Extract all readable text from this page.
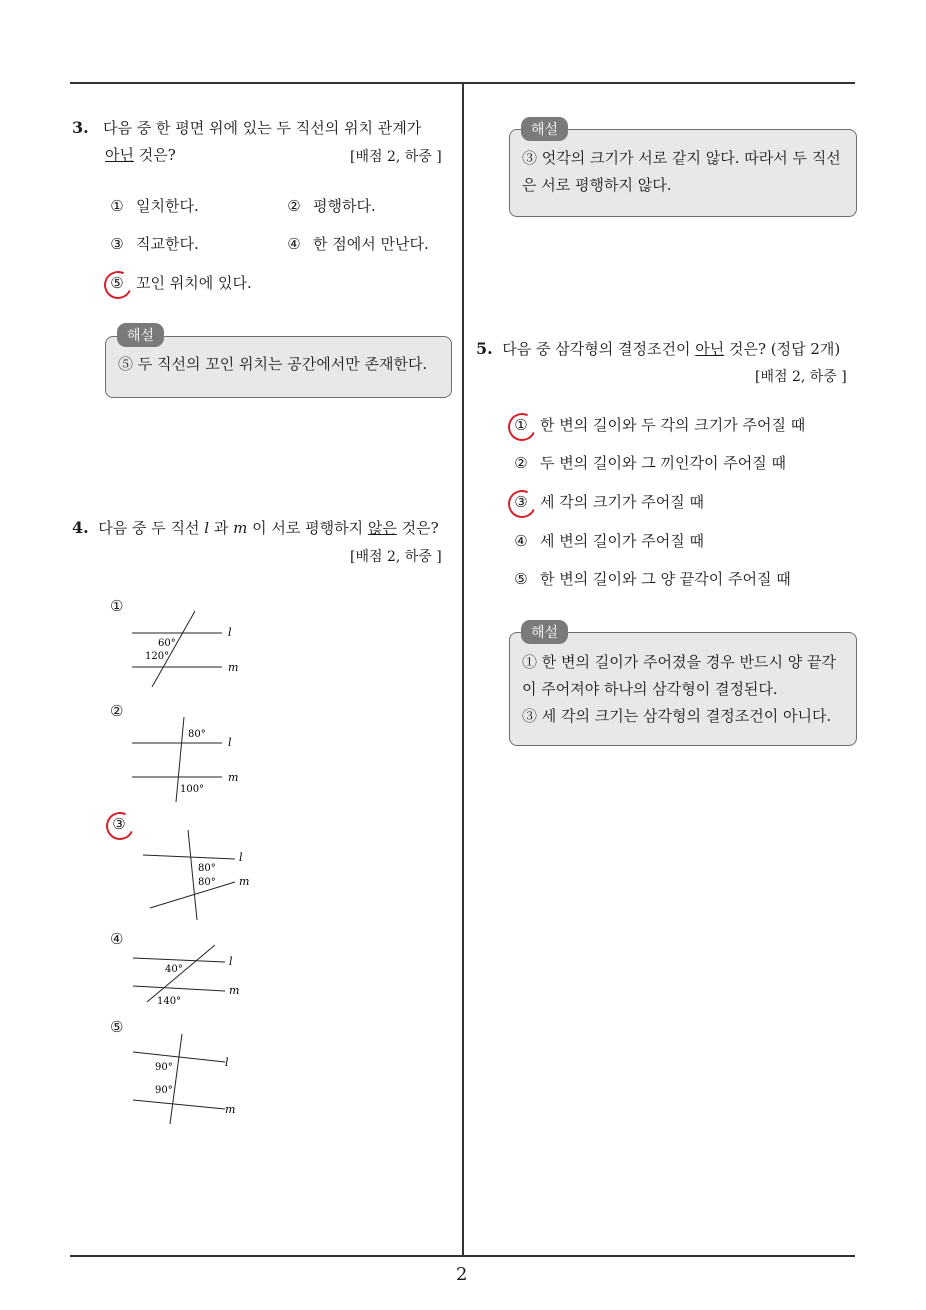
3. 다음 중 한 평면 위에 있는 두 직선의 위치 관계가
아닌 것은?	[배점 2, 하중 ]
① 일치한다.	② 평행하다.
③ 직교한다.	④ 한 점에서 만난다.
⑤ 꼬인 위치에 있다.
⑤ 두 직선의 꼬인 위치는 공간에서만 존재한다.
해설
4. 다음 중 두 직선 l 과 m 이 서로 평행하지 않은 것은?
[배점 2, 하중 ]
①
60°
120°
l
m
②
80°
100°
l
m
③
80°
80°
l
m
④
40°
140°
l
m
⑤
90°
90°
l
m
③ 엇각의 크기가 서로 같지 않다. 따라서 두 직선
은 서로 평행하지 않다.
해설
5. 다음 중 삼각형의 결정조건이 아닌 것은? (정답 2개)
[배점 2, 하중 ]
① 한 변의 길이와 두 각의 크기가 주어질 때
② 두 변의 길이와 그 끼인각이 주어질 때
③ 세 각의 크기가 주어질 때
④ 세 변의 길이가 주어질 때
⑤ 한 변의 길이와 그 양 끝각이 주어질 때
① 한 변의 길이가 주어졌을 경우 반드시 양 끝각
이 주어져야 하나의 삼각형이 결정된다.
③ 세 각의 크기는 삼각형의 결정조건이 아니다.
해설
2
